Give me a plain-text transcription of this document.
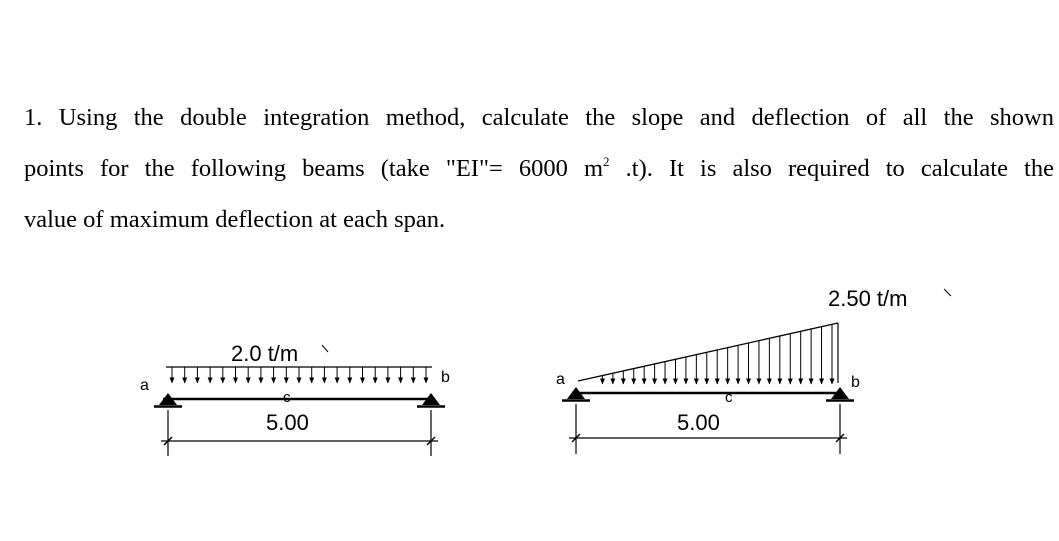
1. Using the double integration method, calculate the slope and deflection of all the shown
points for the following beams (take "EI"= 6000 $m^2$ .t). It is also required to calculate the
value of maximum deflection at each span.
2.0 t/m
a
c
b
5.00
2.50 t/m
a
c
b
5.00
